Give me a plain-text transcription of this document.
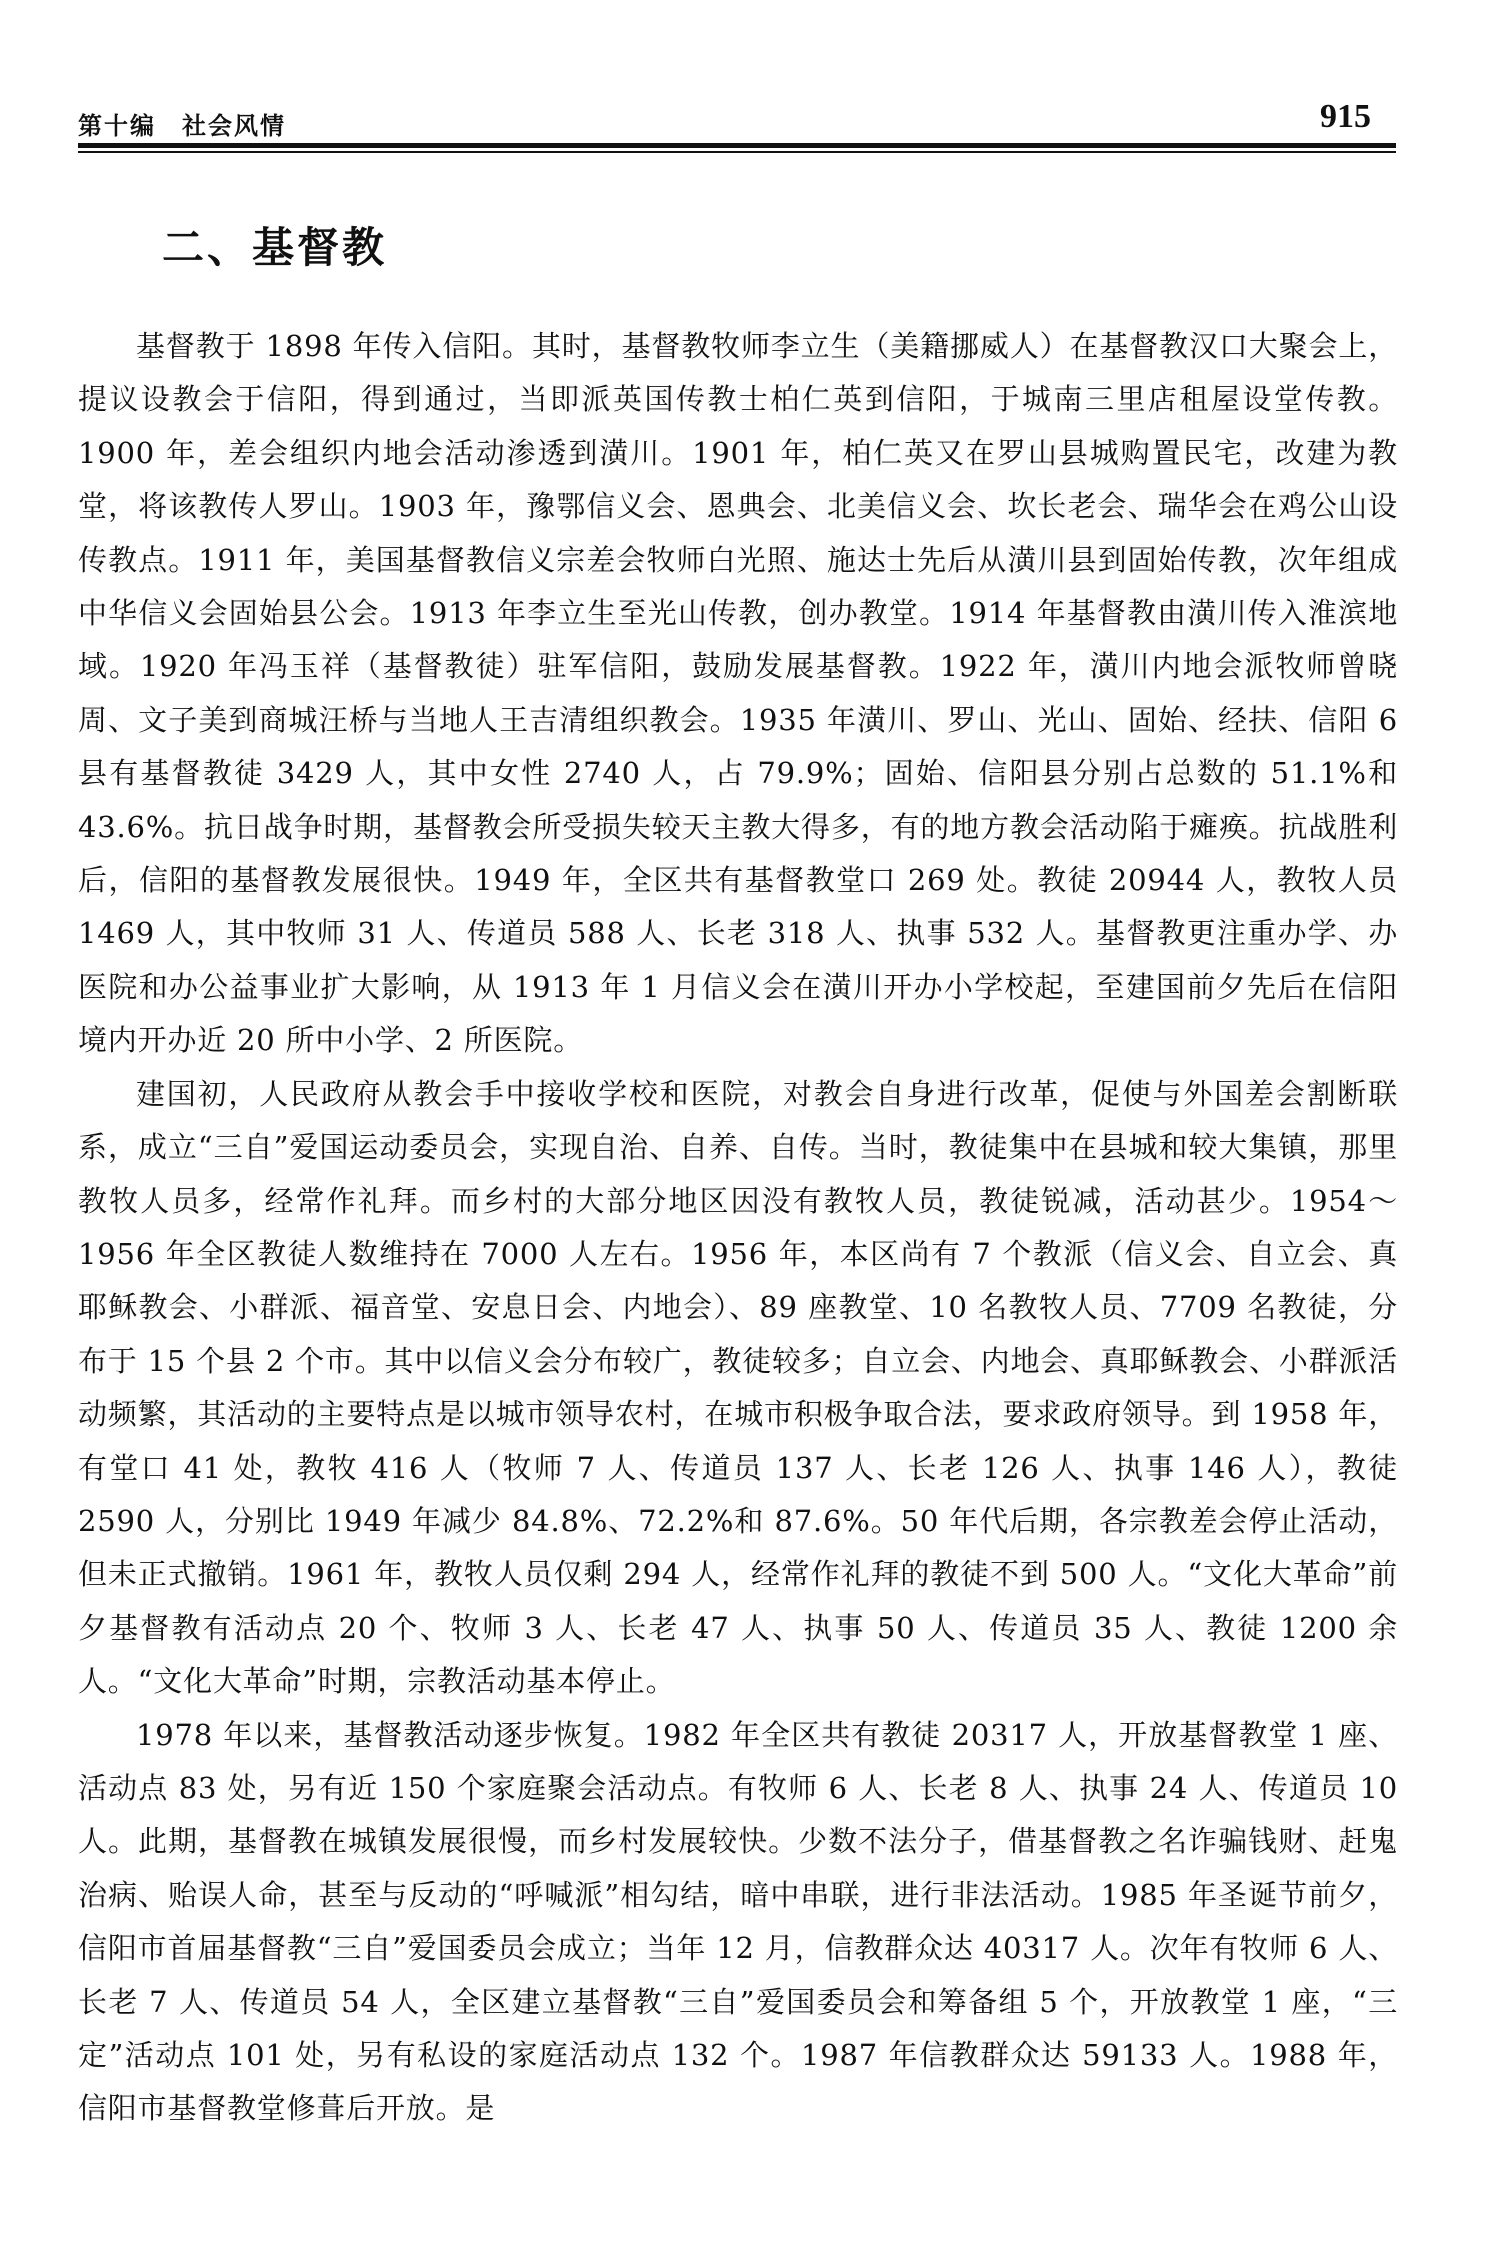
第十编　社会风情	915
二、基督教

基督教于 1898 年传入信阳。其时，基督教牧师李立生（美籍挪威人）在基督教汉口大聚会上，提议设教会于信阳，得到通过，当即派英国传教士柏仁英到信阳，于城南三里店租屋设堂传教。1900 年，差会组织内地会活动渗透到潢川。1901 年，柏仁英又在罗山县城购置民宅，改建为教堂，将该教传人罗山。1903 年，豫鄂信义会、恩典会、北美信义会、坎长老会、瑞华会在鸡公山设传教点。1911 年，美国基督教信义宗差会牧师白光照、施达士先后从潢川县到固始传教，次年组成中华信义会固始县公会。1913 年李立生至光山传教，创办教堂。1914 年基督教由潢川传入淮滨地域。1920 年冯玉祥（基督教徒）驻军信阳，鼓励发展基督教。1922 年，潢川内地会派牧师曾晓周、文子美到商城汪桥与当地人王吉清组织教会。1935 年潢川、罗山、光山、固始、经扶、信阳 6 县有基督教徒 3429 人，其中女性 2740 人，占 79.9%；固始、信阳县分别占总数的 51.1%和 43.6%。抗日战争时期，基督教会所受损失较天主教大得多，有的地方教会活动陷于瘫痪。抗战胜利后，信阳的基督教发展很快。1949 年，全区共有基督教堂口 269 处。教徒 20944 人，教牧人员 1469 人，其中牧师 31 人、传道员 588 人、长老 318 人、执事 532 人。基督教更注重办学、办医院和办公益事业扩大影响，从 1913 年 1 月信义会在潢川开办小学校起，至建国前夕先后在信阳境内开办近 20 所中小学、2 所医院。

建国初，人民政府从教会手中接收学校和医院，对教会自身进行改革，促使与外国差会割断联系，成立“三自”爱国运动委员会，实现自治、自养、自传。当时，教徒集中在县城和较大集镇，那里教牧人员多，经常作礼拜。而乡村的大部分地区因没有教牧人员，教徒锐减，活动甚少。1954～1956 年全区教徒人数维持在 7000 人左右。1956 年，本区尚有 7 个教派（信义会、自立会、真耶稣教会、小群派、福音堂、安息日会、内地会）、89 座教堂、10 名教牧人员、7709 名教徒，分布于 15 个县 2 个市。其中以信义会分布较广，教徒较多；自立会、内地会、真耶稣教会、小群派活动频繁，其活动的主要特点是以城市领导农村，在城市积极争取合法，要求政府领导。到 1958 年，有堂口 41 处，教牧 416 人（牧师 7 人、传道员 137 人、长老 126 人、执事 146 人），教徒 2590 人，分别比 1949 年减少 84.8%、72.2%和 87.6%。50 年代后期，各宗教差会停止活动，但未正式撤销。1961 年，教牧人员仅剩 294 人，经常作礼拜的教徒不到 500 人。“文化大革命”前夕基督教有活动点 20 个、牧师 3 人、长老 47 人、执事 50 人、传道员 35 人、教徒 1200 余人。“文化大革命”时期，宗教活动基本停止。

1978 年以来，基督教活动逐步恢复。1982 年全区共有教徒 20317 人，开放基督教堂 1 座、活动点 83 处，另有近 150 个家庭聚会活动点。有牧师 6 人、长老 8 人、执事 24 人、传道员 10 人。此期，基督教在城镇发展很慢，而乡村发展较快。少数不法分子，借基督教之名诈骗钱财、赶鬼治病、贻误人命，甚至与反动的“呼喊派”相勾结，暗中串联，进行非法活动。1985 年圣诞节前夕，信阳市首届基督教“三自”爱国委员会成立；当年 12 月，信教群众达 40317 人。次年有牧师 6 人、长老 7 人、传道员 54 人，全区建立基督教“三自”爱国委员会和筹备组 5 个，开放教堂 1 座，“三定”活动点 101 处，另有私设的家庭活动点 132 个。1987 年信教群众达 59133 人。1988 年，信阳市基督教堂修葺后开放。是
